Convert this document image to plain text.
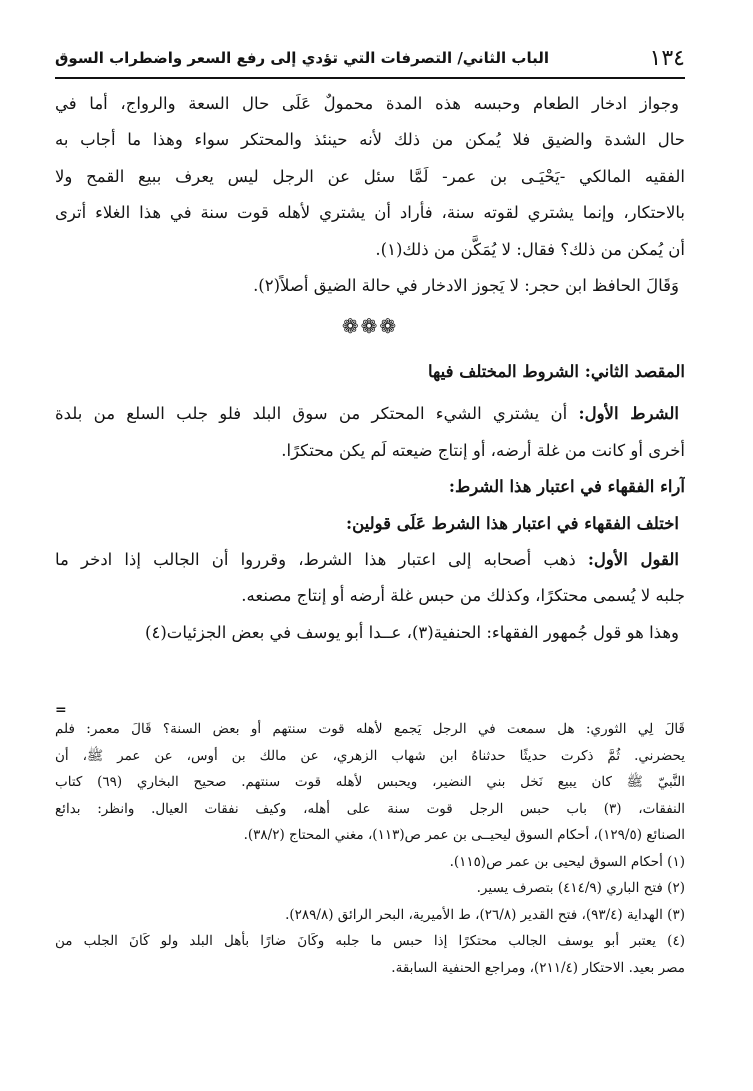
١٣٤
الباب الثاني/ التصرفات التي تؤدي إلى رفع السعر واضطراب السوق
وجواز ادخار الطعام وحبسه هذه المدة محمولٌ عَلَى حال السعة والرواج، أما في
حال الشدة والضيق فلا يُمكن من ذلك لأنه حينئذ والمحتكر سواء وهذا ما أجاب به
الفقيه المالكي -يَحْيَـى بن عمر- لَمَّا سئل عن الرجل ليس يعرف ببيع القمح ولا
بالاحتكار، وإنما يشتري لقوته سنة، فأراد أن يشتري لأهله قوت سنة في هذا الغلاء أترى
أن يُمكن من ذلك؟ فقال: لا يُمَكَّن من ذلك(١).
وَقَالَ الحافظ ابن حجر: لا يَجوز الادخار في حالة الضيق أصلاً(٢).
❁❁❁
المقصد الثاني: الشروط المختلف فيها
الشرط الأول: أن يشتري الشيء المحتكر من سوق البلد فلو جلب السلع من بلدة
أخرى أو كانت من غلة أرضه، أو إنتاج ضيعته لَم يكن محتكرًا.
آراء الفقهاء في اعتبار هذا الشرط:
اختلف الفقهاء في اعتبار هذا الشرط عَلَى قولين:
القول الأول: ذهب أصحابه إلى اعتبار هذا الشرط، وقرروا أن الجالب إذا ادخر ما
جلبه لا يُسمى محتكرًا، وكذلك من حبس غلة أرضه أو إنتاج مصنعه.
وهذا هو قول جُمهور الفقهاء: الحنفية(٣)، عــدا أبو يوسف في بعض الجزئيات(٤)
=
قَالَ لِي الثوري: هل سمعت في الرجل يَجمع لأهله قوت سنتهم أو بعض السنة؟ قَالَ معمر: فلم
يحضرني. ثُمَّ ذكرت حديثًا حدثناهُ ابن شهاب الزهري، عن مالك بن أوس، عن عمر ﷺ، أن
النَّبيّ ﷺ كان يبيع نَخل بني النضير، ويحبس لأهله قوت سنتهم. صحيح البخاري (٦٩) كتاب
النفقات، (٣) باب حبس الرجل قوت سنة على أهله، وكيف نفقات العيال. وانظر: بدائع
الصنائع (١٢٩/٥)، أحكام السوق ليحيــى بن عمر ص(١١٣)، مغني المحتاج (٣٨/٢).
(١) أحكام السوق ليحيى بن عمر ص(١١٥).
(٢) فتح الباري (٤١٤/٩) بتصرف يسير.
(٣) الهداية (٩٣/٤)، فتح القدير (٢٦/٨)، ط الأميرية، البحر الرائق (٢٨٩/٨).
(٤) يعتبر أبو يوسف الجالب محتكرًا إذا حبس ما جلبه وكَانَ ضارًا بأهل البلد ولو كَانَ الجلب من
مصر بعيد. الاحتكار (٢١١/٤)، ومراجع الحنفية السابقة.
